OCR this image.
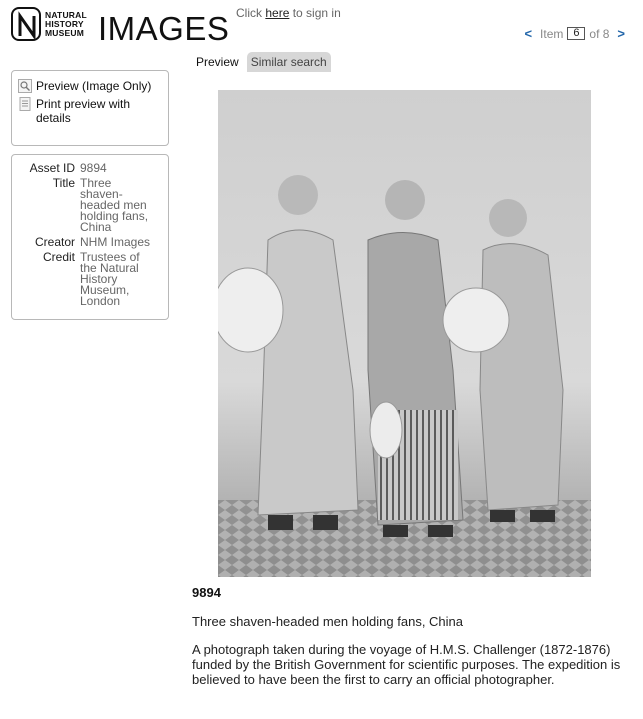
NATURAL
HISTORY
MUSEUM IMAGES Click here to sign in
< Item 6 of 8 >
Preview	Similar search
Preview (Image Only)
Print preview with details
Asset ID 9894
Title Three shaven-headed men holding fans, China
Creator NHM Images
Credit Trustees of the Natural History Museum, London
9894
Three shaven-headed men holding fans, China
A photograph taken during the voyage of H.M.S. Challenger (1872-1876) funded by the British Government for scientific purposes. The expedition is believed to have been the first to carry an official photographer.
